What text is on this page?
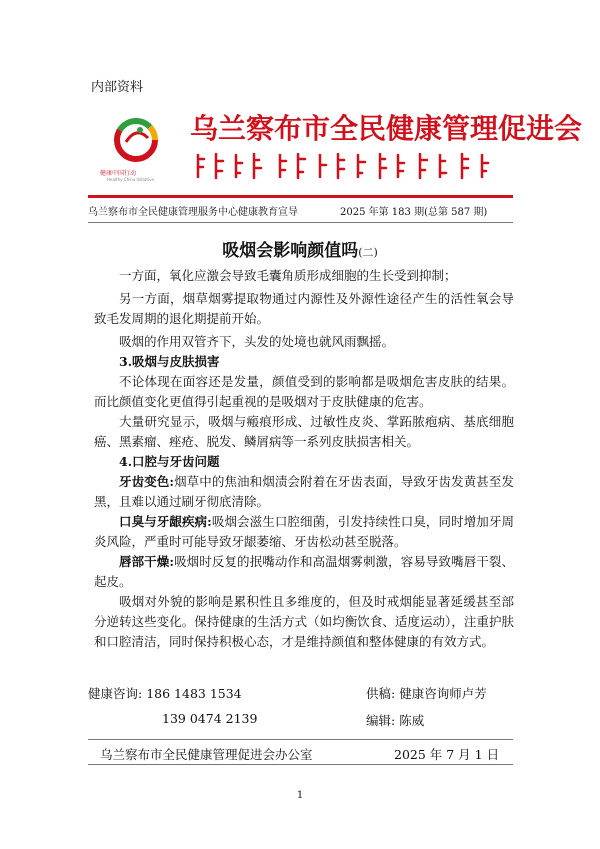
内部资料
健康中国行动
Healthy China Initiative
乌兰察布市全民健康管理促进会
乌兰察布市全民健康管理服务中心健康教育宣导	2025 年第 183 期(总第 587 期)
吸烟会影响颜值吗(二)
一方面，氧化应激会导致毛囊角质形成细胞的生长受到抑制；
另一方面，烟草烟雾提取物通过内源性及外源性途径产生的活性氧会导致毛发周期的退化期提前开始。
吸烟的作用双管齐下，头发的处境也就风雨飘摇。
3.吸烟与皮肤损害
不论体现在面容还是发量，颜值受到的影响都是吸烟危害皮肤的结果。而比颜值变化更值得引起重视的是吸烟对于皮肤健康的危害。
大量研究显示，吸烟与瘢痕形成、过敏性皮炎、掌跖脓疱病、基底细胞癌、黑素瘤、痤疮、脱发、鳞屑病等一系列皮肤损害相关。
4.口腔与牙齿问题
牙齿变色:烟草中的焦油和烟渍会附着在牙齿表面，导致牙齿发黄甚至发黑，且难以通过刷牙彻底清除。
口臭与牙龈疾病:吸烟会滋生口腔细菌，引发持续性口臭，同时增加牙周炎风险，严重时可能导致牙龈萎缩、牙齿松动甚至脱落。
唇部干燥:吸烟时反复的抿嘴动作和高温烟雾刺激，容易导致嘴唇干裂、起皮。
吸烟对外貌的影响是累积性且多维度的，但及时戒烟能显著延缓甚至部分逆转这些变化。保持健康的生活方式（如均衡饮食、适度运动），注重护肤和口腔清洁，同时保持积极心态，才是维持颜值和整体健康的有效方式。
健康咨询: 186 1483 1534
139 0474 2139
供稿: 健康咨询师卢芳
编辑: 陈威
乌兰察布市全民健康管理促进会办公室	2025 年 7 月 1 日
1
